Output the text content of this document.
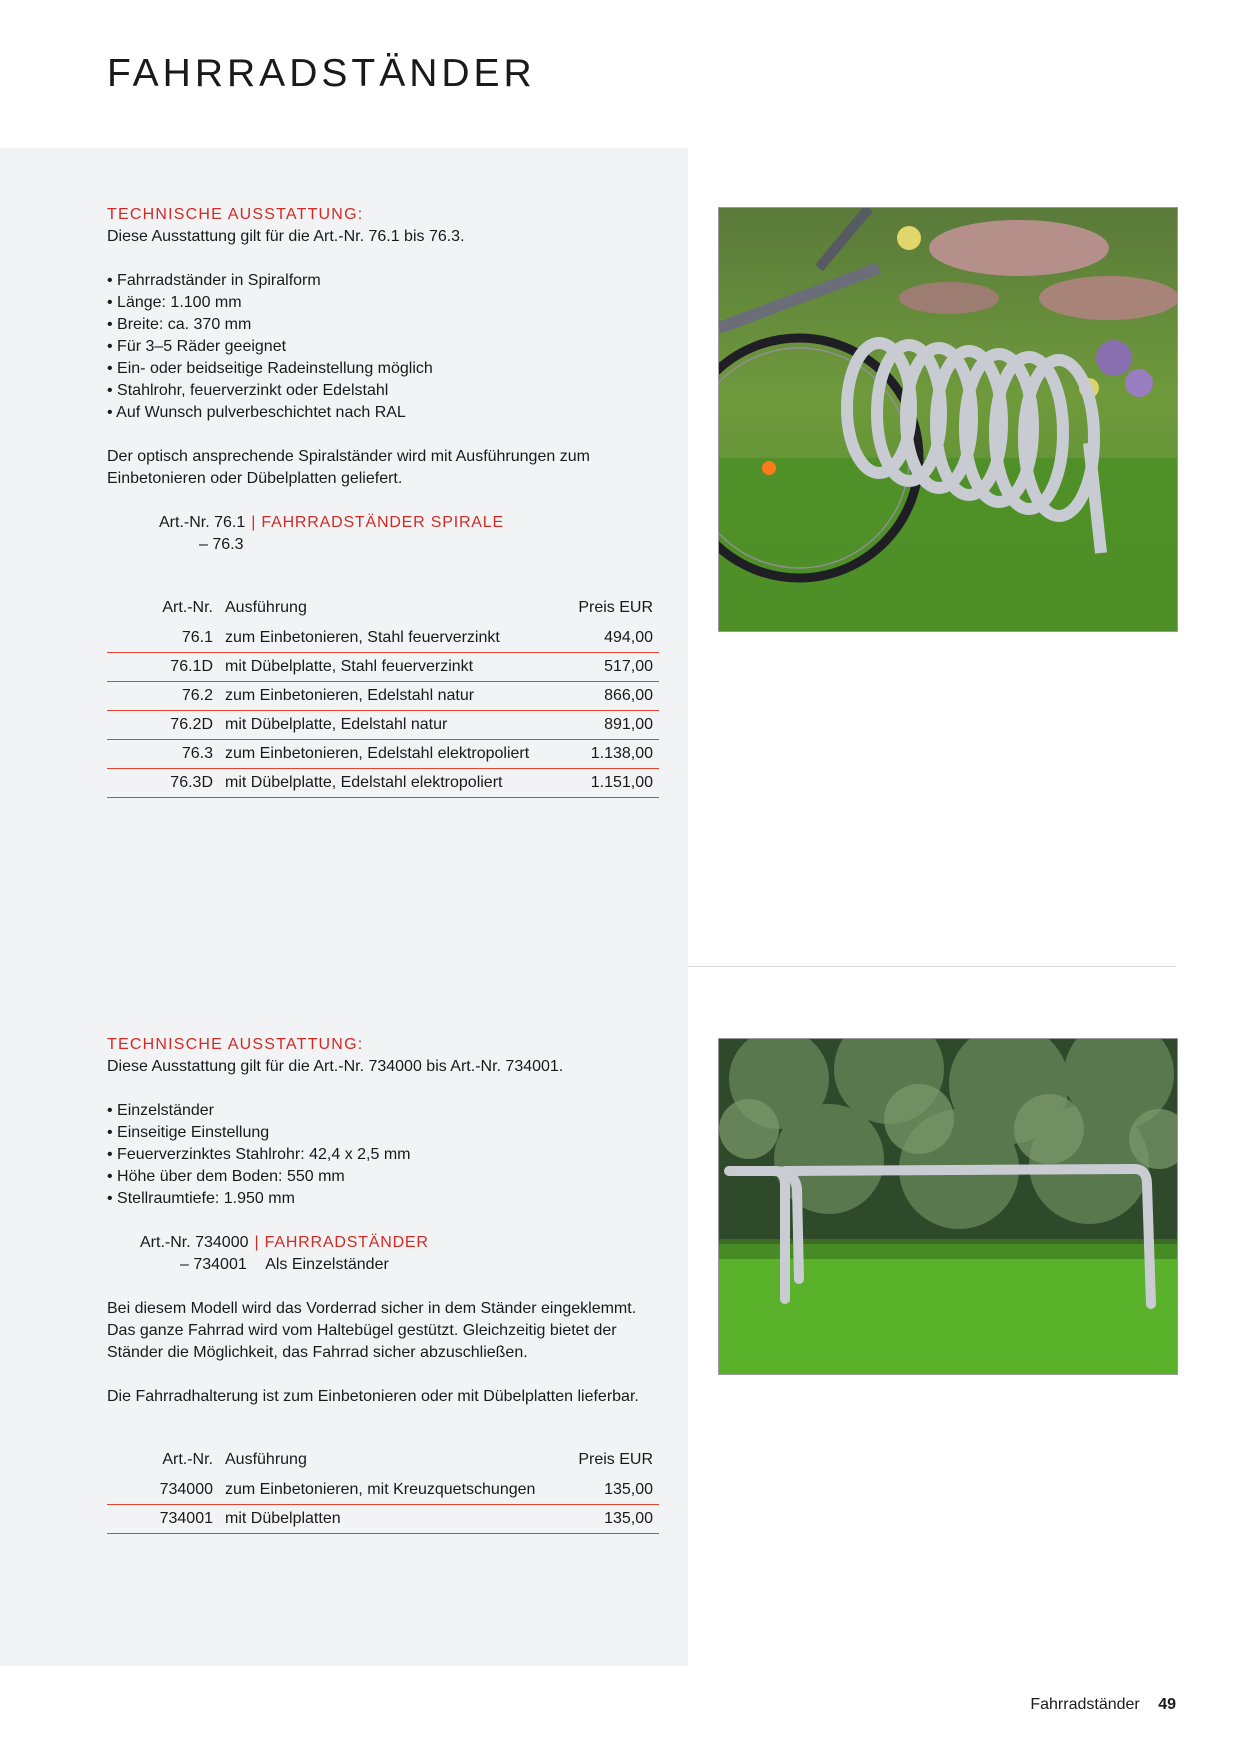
FAHRRADSTÄNDER
TECHNISCHE AUSSTATTUNG:
Diese Ausstattung gilt für die Art.-Nr. 76.1 bis 76.3.
• Fahrradständer in Spiralform
• Länge: 1.100 mm
• Breite: ca. 370 mm
• Für 3–5 Räder geeignet
• Ein- oder beidseitige Radeinstellung möglich
• Stahlrohr, feuerverzinkt oder Edelstahl
• Auf Wunsch pulverbeschichtet nach RAL
Der optisch ansprechende Spiralständer wird mit Ausführungen zum Einbetonieren oder Dübelplatten geliefert.
Art.-Nr. 76.1 | FAHRRADSTÄNDER SPIRALE
– 76.3
Art.-Nr.	Ausführung	Preis EUR
76.1	zum Einbetonieren, Stahl feuerverzinkt	494,00
76.1D	mit Dübelplatte, Stahl feuerverzinkt	517,00
76.2	zum Einbetonieren, Edelstahl natur	866,00
76.2D	mit Dübelplatte, Edelstahl natur	891,00
76.3	zum Einbetonieren, Edelstahl elektropoliert	1.138,00
76.3D	mit Dübelplatte, Edelstahl elektropoliert	1.151,00
TECHNISCHE AUSSTATTUNG:
Diese Ausstattung gilt für die Art.-Nr. 734000 bis Art.-Nr. 734001.
• Einzelständer
• Einseitige Einstellung
• Feuerverzinktes Stahlrohr: 42,4 x 2,5 mm
• Höhe über dem Boden: 550 mm
• Stellraumtiefe: 1.950 mm
Art.-Nr. 734000 | FAHRRADSTÄNDER
– 734001 Als Einzelständer
Bei diesem Modell wird das Vorderrad sicher in dem Ständer eingeklemmt. Das ganze Fahrrad wird vom Haltebügel gestützt. Gleichzeitig bietet der Ständer die Möglichkeit, das Fahrrad sicher abzuschließen.
Die Fahrradhalterung ist zum Einbetonieren oder mit Dübelplatten lieferbar.
Art.-Nr.	Ausführung	Preis EUR
734000	zum Einbetonieren, mit Kreuzquetschungen	135,00
734001	mit Dübelplatten	135,00
Fahrradständer 49
